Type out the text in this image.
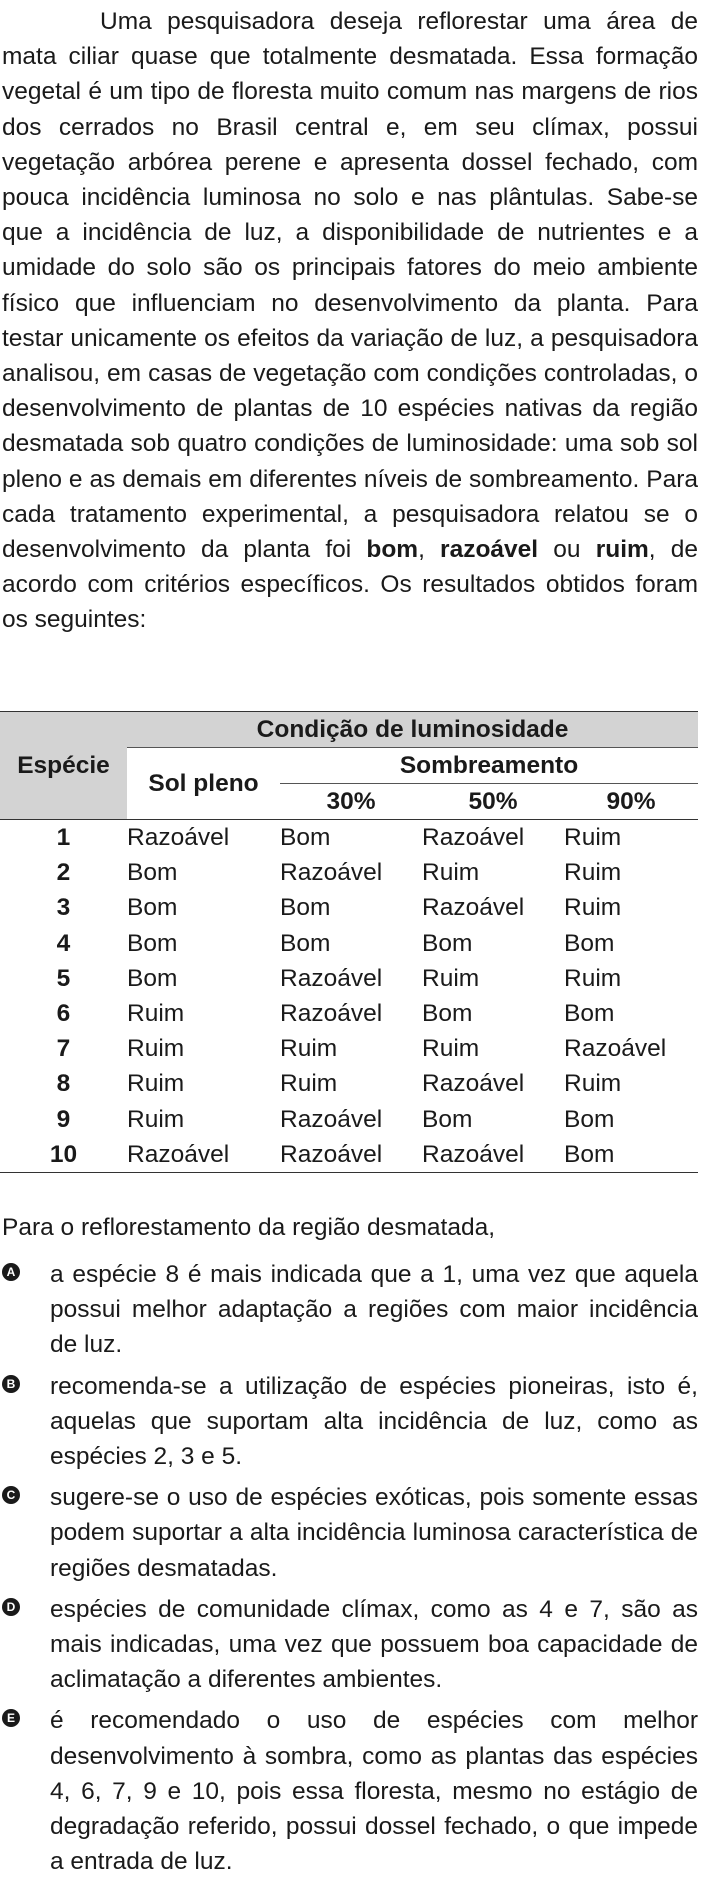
Uma pesquisadora deseja reflorestar uma área de mata ciliar quase que totalmente desmatada. Essa formação vegetal é um tipo de floresta muito comum nas margens de rios dos cerrados no Brasil central e, em seu clímax, possui vegetação arbórea perene e apresenta dossel fechado, com pouca incidência luminosa no solo e nas plântulas. Sabe-se que a incidência de luz, a disponibilidade de nutrientes e a umidade do solo são os principais fatores do meio ambiente físico que influenciam no desenvolvimento da planta. Para testar unicamente os efeitos da variação de luz, a pesquisadora analisou, em casas de vegetação com condições controladas, o desenvolvimento de plantas de 10 espécies nativas da região desmatada sob quatro condições de luminosidade: uma sob sol pleno e as demais em diferentes níveis de sombreamento. Para cada tratamento experimental, a pesquisadora relatou se o desenvolvimento da planta foi bom, razoável ou ruim, de acordo com critérios específicos. Os resultados obtidos foram os seguintes:

Espécie	Condição de luminosidade			
	Sol pleno	Sombreamento		
		30%	50%	90%
1	Razoável	Bom	Razoável	Ruim
2	Bom	Razoável	Ruim	Ruim
3	Bom	Bom	Razoável	Ruim
4	Bom	Bom	Bom	Bom
5	Bom	Razoável	Ruim	Ruim
6	Ruim	Razoável	Bom	Bom
7	Ruim	Ruim	Ruim	Razoável
8	Ruim	Ruim	Razoável	Ruim
9	Ruim	Razoável	Bom	Bom
10	Razoável	Razoável	Razoável	Bom

Para o reflorestamento da região desmatada,

A a espécie 8 é mais indicada que a 1, uma vez que aquela possui melhor adaptação a regiões com maior incidência de luz.
B recomenda-se a utilização de espécies pioneiras, isto é, aquelas que suportam alta incidência de luz, como as espécies 2, 3 e 5.
C sugere-se o uso de espécies exóticas, pois somente essas podem suportar a alta incidência luminosa característica de regiões desmatadas.
D espécies de comunidade clímax, como as 4 e 7, são as mais indicadas, uma vez que possuem boa capacidade de aclimatação a diferentes ambientes.
E é recomendado o uso de espécies com melhor desenvolvimento à sombra, como as plantas das espécies 4, 6, 7, 9 e 10, pois essa floresta, mesmo no estágio de degradação referido, possui dossel fechado, o que impede a entrada de luz.
